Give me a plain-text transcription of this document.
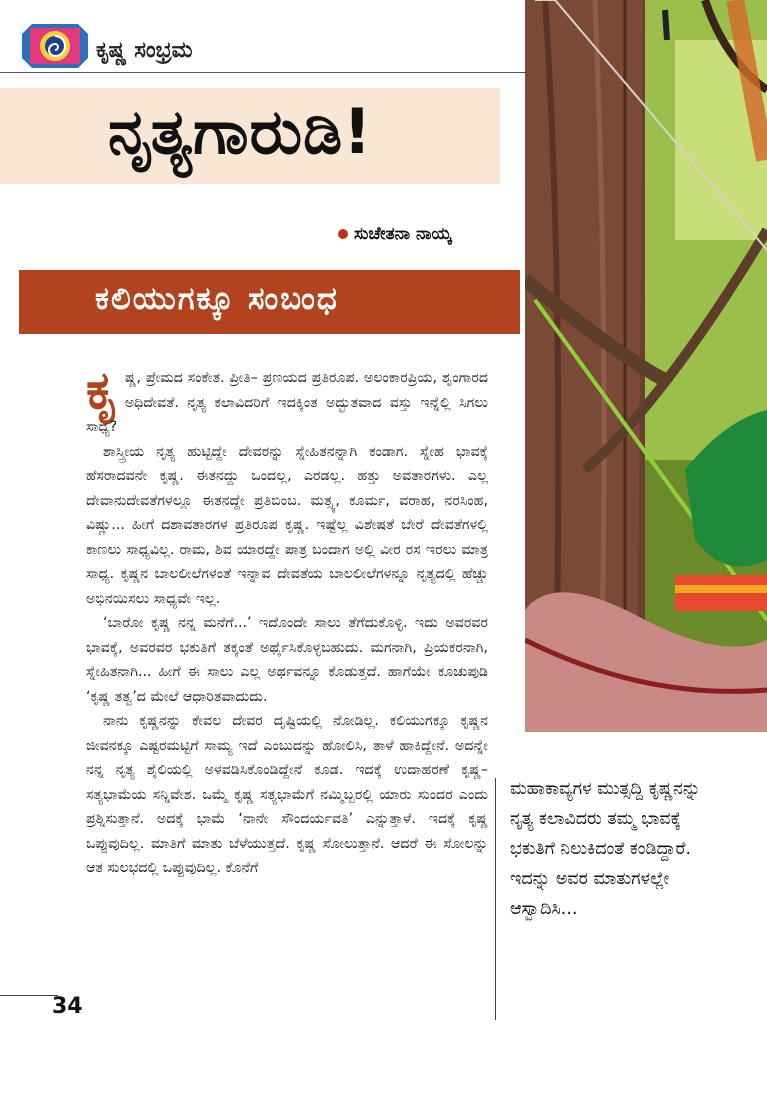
ಕೃಷ್ಣ ಸಂಭ್ರಮ
ನೃತ್ಯಗಾರುಡಿ!
ಸುಚೇತನಾ ನಾಯ್ಕ
ಕಲಿಯುಗಕ್ಕೂ ಸಂಬಂಧ

ಕೃಷ್ಣ, ಪ್ರೇಮದ ಸಂಕೇತ. ಪ್ರೀತಿ– ಪ್ರಣಯದ ಪ್ರತಿರೂಪ. ಅಲಂಕಾರಪ್ರಿಯ, ಶೃಂಗಾರದ ಅಧಿದೇವತೆ. ನೃತ್ಯ ಕಲಾವಿದರಿಗೆ ಇದಕ್ಕಿಂತ ಅದ್ಭುತವಾದ ವಸ್ತು ಇನ್ನೆಲ್ಲಿ ಸಿಗಲು ಸಾಧ್ಯ?

ಶಾಸ್ತ್ರೀಯ ನೃತ್ಯ ಹುಟ್ಟಿದ್ದೇ ದೇವರನ್ನು ಸ್ನೇಹಿತನನ್ನಾಗಿ ಕಂಡಾಗ. ಸ್ನೇಹ ಭಾವಕ್ಕೆ ಹೆಸರಾದವನೇ ಕೃಷ್ಣ. ಈತನದ್ದು ಒಂದಲ್ಲ, ಎರಡಲ್ಲ. ಹತ್ತು ಅವತಾರಗಳು. ಎಲ್ಲ ದೇವಾನುದೇವತೆಗಳಲ್ಲೂ ಈತನದ್ದೇ ಪ್ರತಿಬಿಂಬ. ಮತ್ಸ್ಯ, ಕೂರ್ಮ, ವರಾಹ, ನರಸಿಂಹ, ವಿಷ್ಣು... ಹೀಗೆ ದಶಾವತಾರಗಳ ಪ್ರತಿರೂಪ ಕೃಷ್ಣ. ಇಷ್ಟೆಲ್ಲ ವಿಶೇಷತೆ ಬೇರೆ ದೇವತೆಗಳಲ್ಲಿ ಕಾಣಲು ಸಾಧ್ಯವಿಲ್ಲ. ರಾಮ, ಶಿವ ಯಾರದ್ದೇ ಪಾತ್ರ ಬಂದಾಗ ಅಲ್ಲಿ ವೀರ ರಸ ಇರಲು ಮಾತ್ರ ಸಾಧ್ಯ. ಕೃಷ್ಣನ ಬಾಲಲೀಲೆಗಳಂತೆ ಇನ್ನಾವ ದೇವತೆಯ ಬಾಲಲೀಲೆಗಳನ್ನೂ ನೃತ್ಯದಲ್ಲಿ ಹೆಚ್ಚು ಅಭಿನಯಿಸಲು ಸಾಧ್ಯವೇ ಇಲ್ಲ.

‘ಬಾರೋ ಕೃಷ್ಣ ನನ್ನ ಮನೆಗೆ...’ ಇದೊಂದೇ ಸಾಲು ತೆಗೆದುಕೊಳ್ಳಿ. ಇದು ಅವರವರ ಭಾವಕ್ಕೆ, ಅವರವರ ಭಕುತಿಗೆ ತಕ್ಕಂತೆ ಅರ್ಥೈಸಿಕೊಳ್ಳಬಹುದು. ಮಗನಾಗಿ, ಪ್ರಿಯಕರನಾಗಿ, ಸ್ನೇಹಿತನಾಗಿ... ಹೀಗೆ ಈ ಸಾಲು ಎಲ್ಲ ಅರ್ಥವನ್ನೂ ಕೊಡುತ್ತದೆ. ಹಾಗೆಯೇ ಕೂಚುಪುಡಿ ‘ಕೃಷ್ಣ ತತ್ವ’ದ ಮೇಲೆ ಆಧಾರಿತವಾದುದು.

ನಾನು ಕೃಷ್ಣನನ್ನು ಕೇವಲ ದೇವರ ದೃಷ್ಟಿಯಲ್ಲಿ ನೋಡಿಲ್ಲ. ಕಲಿಯುಗಕ್ಕೂ ಕೃಷ್ಣನ ಜೀವನಕ್ಕೂ ಎಷ್ಟರಮಟ್ಟಿಗೆ ಸಾಮ್ಯ ಇದೆ ಎಂಬುದನ್ನು ಹೋಲಿಸಿ, ತಾಳೆ ಹಾಕಿದ್ದೇನೆ. ಅದನ್ನೇ ನನ್ನ ನೃತ್ಯ ಶೈಲಿಯಲ್ಲಿ ಅಳವಡಿಸಿಕೊಂಡಿದ್ದೇನೆ ಕೂಡ. ಇದಕ್ಕೆ ಉದಾಹರಣೆ ಕೃಷ್ಣ–ಸತ್ಯಭಾಮೆಯ ಸನ್ನಿವೇಶ. ಒಮ್ಮೆ ಕೃಷ್ಣ ಸತ್ಯಭಾಮೆಗೆ ನಮ್ಮಿಬ್ಬರಲ್ಲಿ ಯಾರು ಸುಂದರ ಎಂದು ಪ್ರಶ್ನಿಸುತ್ತಾನೆ. ಅದಕ್ಕೆ ಭಾಮೆ ‘ನಾನೇ ಸೌಂದರ್ಯವತಿ’ ಎನ್ನುತ್ತಾಳೆ. ಇದಕ್ಕೆ ಕೃಷ್ಣ ಒಪ್ಪುವುದಿಲ್ಲ. ಮಾತಿಗೆ ಮಾತು ಬೆಳೆಯುತ್ತದೆ. ಕೃಷ್ಣ ಸೋಲುತ್ತಾನೆ. ಆದರೆ ಈ ಸೋಲನ್ನು ಆತ ಸುಲಭದಲ್ಲಿ ಒಪ್ಪುವುದಿಲ್ಲ. ಕೊನೆಗೆ

ಮಹಾಕಾವ್ಯಗಳ ಮುತ್ಸದ್ದಿ ಕೃಷ್ಣನನ್ನು ನೃತ್ಯ ಕಲಾವಿದರು ತಮ್ಮ ಭಾವಕ್ಕೆ ಭಕುತಿಗೆ ನಿಲುಕಿದಂತೆ ಕಂಡಿದ್ದಾರೆ. ಇದನ್ನು ಅವರ ಮಾತುಗಳಲ್ಲೇ ಆಸ್ವಾದಿಸಿ...
34
